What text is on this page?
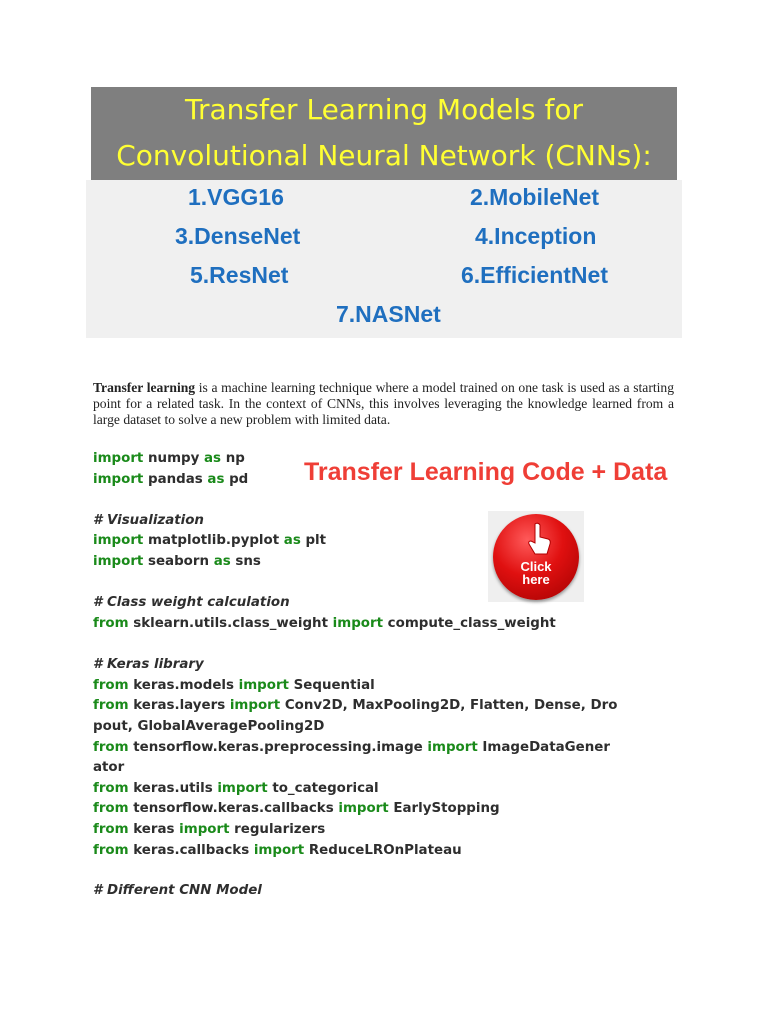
Transfer Learning Models for
Convolutional Neural Network (CNNs):
1.VGG16	2.MobileNet
3.DenseNet	4.Inception
5.ResNet	6.EfficientNet
7.NASNet
Transfer learning is a machine learning technique where a model trained on one task is used as a starting point for a related task. In the context of CNNs, this involves leveraging the knowledge learned from a large dataset to solve a new problem with limited data.
Transfer Learning Code + Data
Click
here
import numpy as np
import pandas as pd
# Visualization
import matplotlib.pyplot as plt
import seaborn as sns
# Class weight calculation
from sklearn.utils.class_weight import compute_class_weight
# Keras library
from keras.models import Sequential
from keras.layers import Conv2D, MaxPooling2D, Flatten, Dense, Dro
pout, GlobalAveragePooling2D
from tensorflow.keras.preprocessing.image import ImageDataGener
ator
from keras.utils import to_categorical
from tensorflow.keras.callbacks import EarlyStopping
from keras import regularizers
from keras.callbacks import ReduceLROnPlateau
# Different CNN Model
